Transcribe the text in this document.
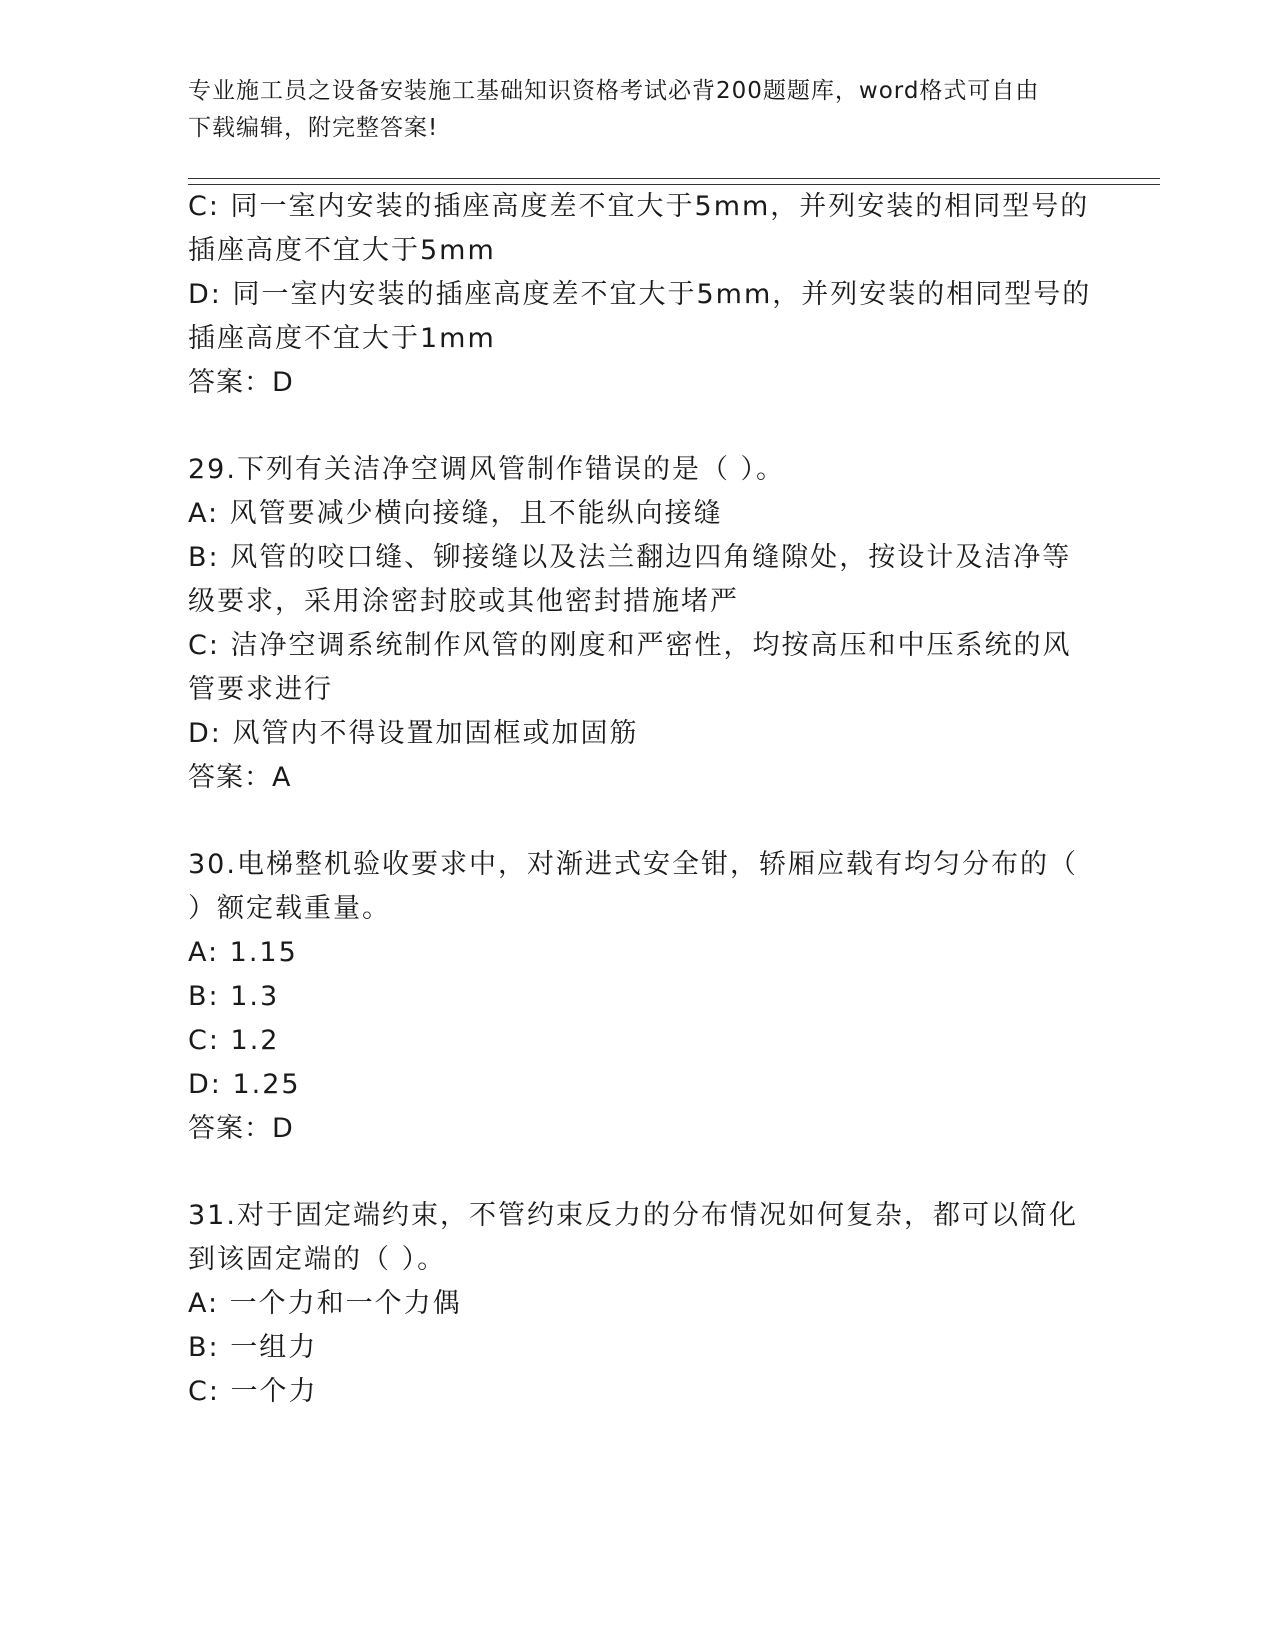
专业施工员之设备安装施工基础知识资格考试必背200题题库，word格式可自由
下载编辑，附完整答案!
C: 同一室内安装的插座高度差不宜大于5mm，并列安装的相同型号的
插座高度不宜大于5mm
D: 同一室内安装的插座高度差不宜大于5mm，并列安装的相同型号的
插座高度不宜大于1mm
答案：D
29.下列有关洁净空调风管制作错误的是（ ）。
A: 风管要减少横向接缝，且不能纵向接缝
B: 风管的咬口缝、铆接缝以及法兰翻边四角缝隙处，按设计及洁净等
级要求，采用涂密封胶或其他密封措施堵严
C: 洁净空调系统制作风管的刚度和严密性，均按高压和中压系统的风
管要求进行
D: 风管内不得设置加固框或加固筋
答案：A
30.电梯整机验收要求中，对渐进式安全钳，轿厢应载有均匀分布的（
）额定载重量。
A: 1.15
B: 1.3
C: 1.2
D: 1.25
答案：D
31.对于固定端约束，不管约束反力的分布情况如何复杂，都可以简化
到该固定端的（ ）。
A: 一个力和一个力偶
B: 一组力
C: 一个力
